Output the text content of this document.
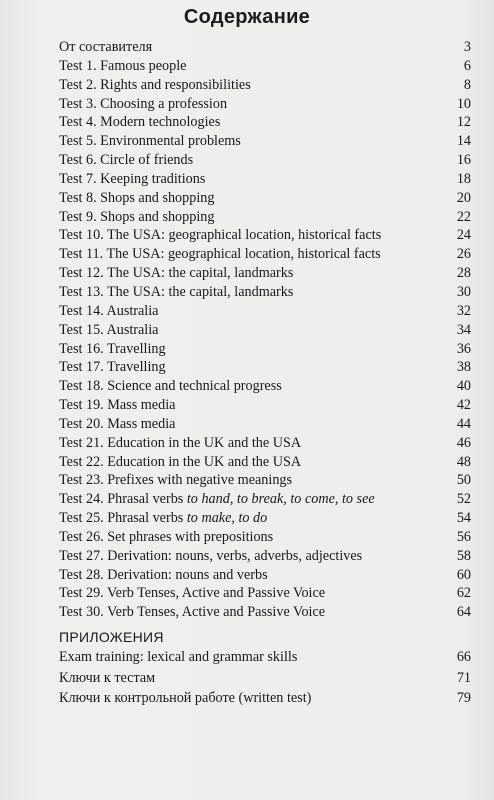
Содержание
От составителя	3
Test 1. Famous people	6
Test 2. Rights and responsibilities	8
Test 3. Choosing a profession	10
Test 4. Modern technologies	12
Test 5. Environmental problems	14
Test 6. Circle of friends	16
Test 7. Keeping traditions	18
Test 8. Shops and shopping	20
Test 9. Shops and shopping	22
Test 10. The USA: geographical location, historical facts	24
Test 11. The USA: geographical location, historical facts	26
Test 12. The USA: the capital, landmarks	28
Test 13. The USA: the capital, landmarks	30
Test 14. Australia	32
Test 15. Australia	34
Test 16. Travelling	36
Test 17. Travelling	38
Test 18. Science and technical progress	40
Test 19. Mass media	42
Test 20. Mass media	44
Test 21. Education in the UK and the USA	46
Test 22. Education in the UK and the USA	48
Test 23. Prefixes with negative meanings	50
Test 24. Phrasal verbs to hand, to break, to come, to see	52
Test 25. Phrasal verbs to make, to do	54
Test 26. Set phrases with prepositions	56
Test 27. Derivation: nouns, verbs, adverbs, adjectives	58
Test 28. Derivation: nouns and verbs	60
Test 29. Verb Tenses, Active and Passive Voice	62
Test 30. Verb Tenses, Active and Passive Voice	64
ПРИЛОЖЕНИЯ
Exam training: lexical and grammar skills	66
Ключи к тестам	71
Ключи к контрольной работе (written test)	79
